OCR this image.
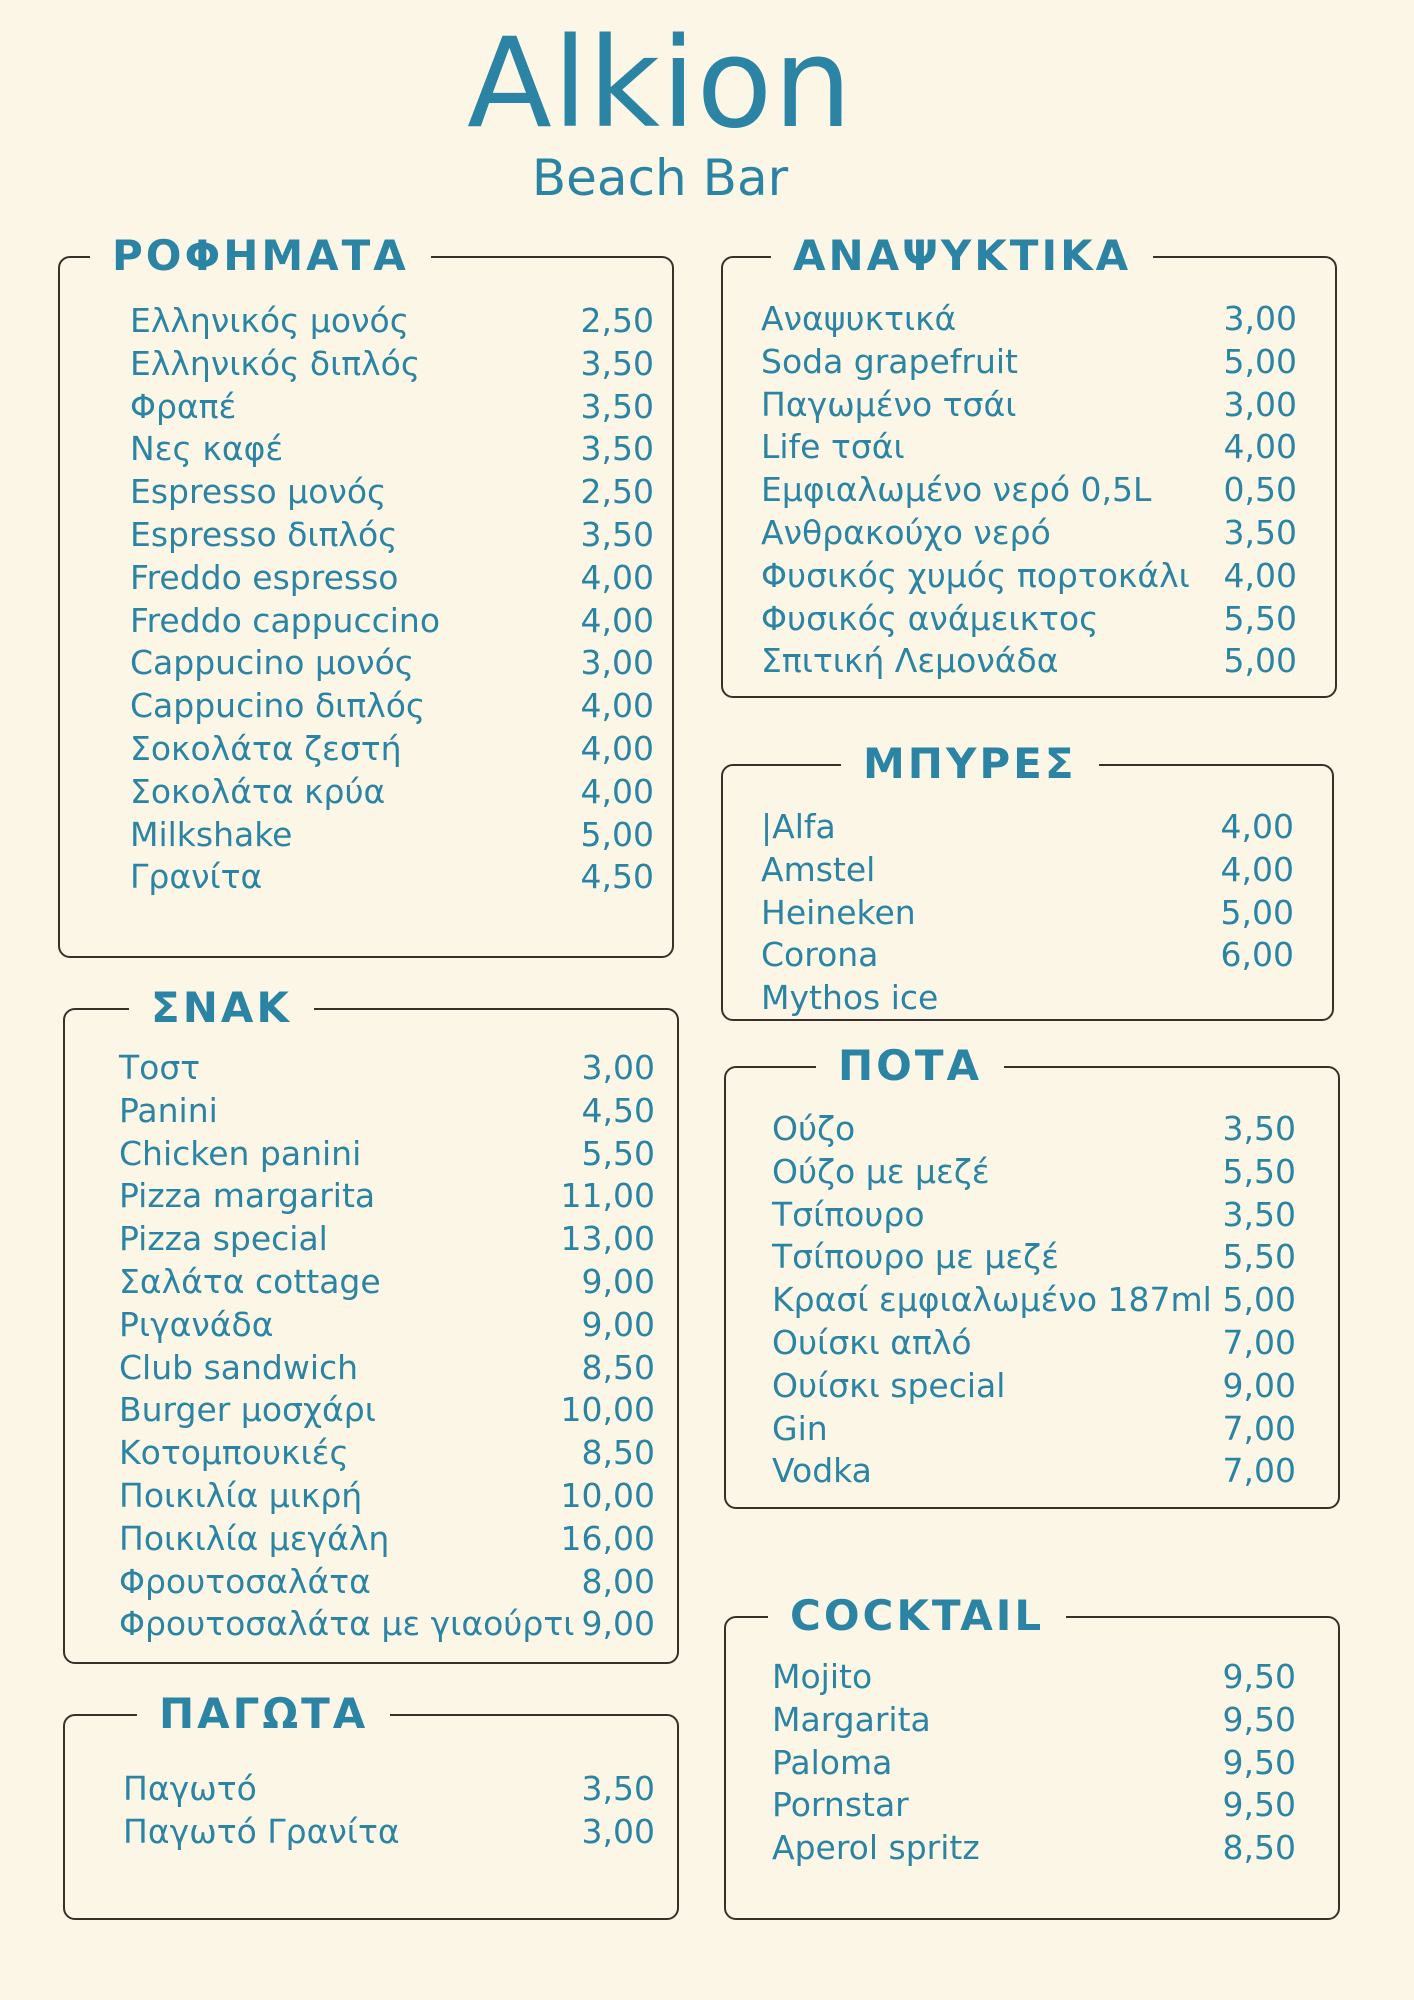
Alkion
Beach Bar
ΡΟΦΗΜΑΤΑ
Ελληνικός μονός	2,50
Ελληνικός διπλός	3,50
Φραπέ	3,50
Νες καφέ	3,50
Espresso μονός	2,50
Espresso διπλός	3,50
Freddo espresso	4,00
Freddo cappuccino	4,00
Cappucino μονός	3,00
Cappucino διπλός	4,00
Σοκολάτα ζεστή	4,00
Σοκολάτα κρύα	4,00
Milkshake	5,00
Γρανίτα	4,50
ΑΝΑΨΥΚΤΙΚΑ
Αναψυκτικά	3,00
Soda grapefruit	5,00
Παγωμένο τσάι	3,00
Life τσάι	4,00
Εμφιαλωμένο νερό 0,5L 0,50
Ανθρακούχο νερό	3,50
Φυσικός χυμός πορτοκάλι 4,00
Φυσικός ανάμεικτος	5,50
Σπιτική Λεμονάδα	5,00
ΜΠΥΡΕΣ
|Alfa	4,00
Amstel	4,00
Heineken	5,00
Corona	6,00
Mythos ice
ΣΝΑΚ
Τοστ	3,00
Panini	4,50
Chicken panini	5,50
Pizza margarita	11,00
Pizza special	13,00
Σαλάτα cottage	9,00
Ριγανάδα	9,00
Club sandwich	8,50
Burger μοσχάρι	10,00
Κοτομπουκιές	8,50
Ποικιλία μικρή	10,00
Ποικιλία μεγάλη	16,00
Φρουτοσαλάτα	8,00
Φρουτοσαλάτα με γιαούρτι 9,00
ΠΟΤΑ
Ούζο	3,50
Ούζο με μεζέ	5,50
Τσίπουρο	3,50
Τσίπουρο με μεζέ	5,50
Κρασί εμφιαλωμένο 187ml 5,00
Ουίσκι απλό	7,00
Ουίσκι special	9,00
Gin	7,00
Vodka	7,00
ΠΑΓΩΤΑ
Παγωτό	3,50
Παγωτό Γρανίτα	3,00
COCKTAIL
Mojito	9,50
Margarita	9,50
Paloma	9,50
Pornstar	9,50
Aperol spritz	8,50
